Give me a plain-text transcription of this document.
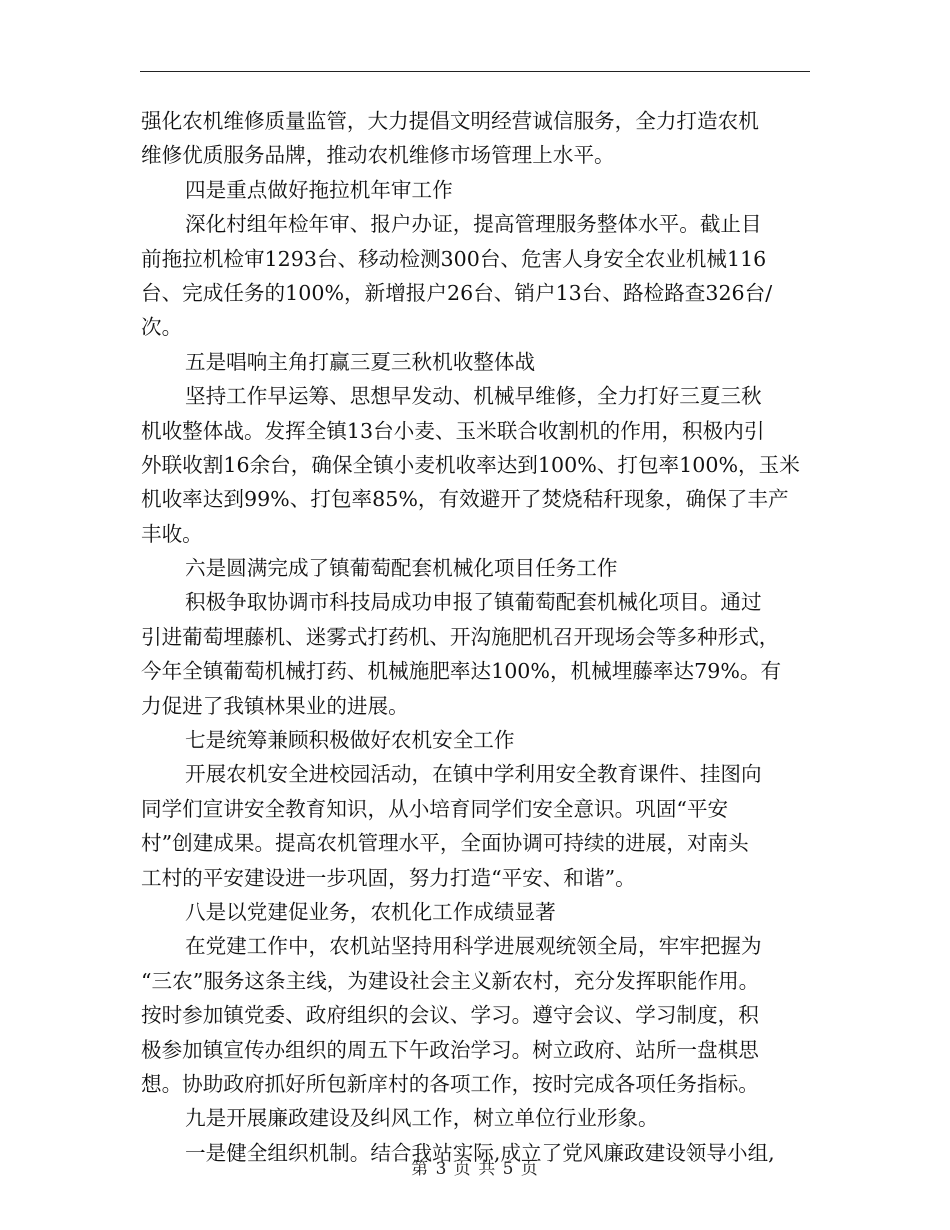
强化农机维修质量监管，大力提倡文明经营诚信服务，全力打造农机
维修优质服务品牌，推动农机维修市场管理上水平。
四是重点做好拖拉机年审工作
深化村组年检年审、报户办证，提高管理服务整体水平。截止目
前拖拉机检审1293台、移动检测300台、危害人身安全农业机械116
台、完成任务的100%，新增报户26台、销户13台、路检路查326台/
次。
五是唱响主角打赢三夏三秋机收整体战
坚持工作早运筹、思想早发动、机械早维修，全力打好三夏三秋
机收整体战。发挥全镇13台小麦、玉米联合收割机的作用，积极内引
外联收割16余台，确保全镇小麦机收率达到100%、打包率100%，玉米
机收率达到99%、打包率85%，有效避开了焚烧秸秆现象，确保了丰产
丰收。
六是圆满完成了镇葡萄配套机械化项目任务工作
积极争取协调市科技局成功申报了镇葡萄配套机械化项目。通过
引进葡萄埋藤机、迷雾式打药机、开沟施肥机召开现场会等多种形式，
今年全镇葡萄机械打药、机械施肥率达100%，机械埋藤率达79%。有
力促进了我镇林果业的进展。
七是统筹兼顾积极做好农机安全工作
开展农机安全进校园活动，在镇中学利用安全教育课件、挂图向
同学们宣讲安全教育知识，从小培育同学们安全意识。巩固“平安
村”创建成果。提高农机管理水平，全面协调可持续的进展，对南头
工村的平安建设进一步巩固，努力打造“平安、和谐”。
八是以党建促业务，农机化工作成绩显著
在党建工作中，农机站坚持用科学进展观统领全局，牢牢把握为
“三农”服务这条主线，为建设社会主义新农村，充分发挥职能作用。
按时参加镇党委、政府组织的会议、学习。遵守会议、学习制度，积
极参加镇宣传办组织的周五下午政治学习。树立政府、站所一盘棋思
想。协助政府抓好所包新庠村的各项工作，按时完成各项任务指标。
九是开展廉政建设及纠风工作，树立单位行业形象。
一是健全组织机制。结合我站实际,成立了党风廉政建设领导小组,
第 3 页 共 5 页
